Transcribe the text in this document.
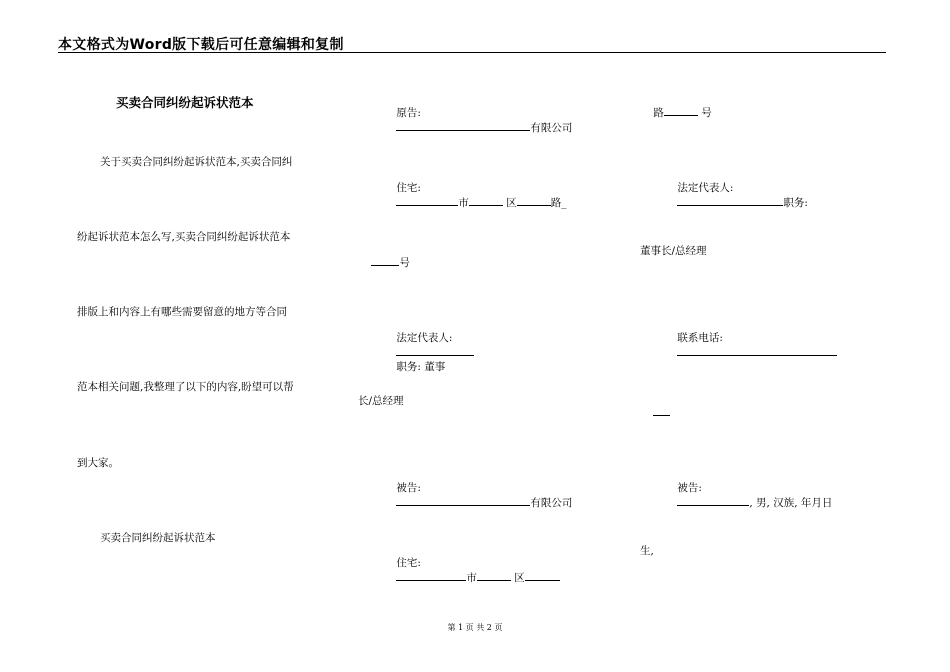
本文格式为Word版下载后可任意编辑和复制
买卖合同纠纷起诉状范本
关于买卖合同纠纷起诉状范本,买卖合同纠
纷起诉状范本怎么写,买卖合同纠纷起诉状范本
排版上和内容上有哪些需要留意的地方等合同
范本相关问题,我整理了以下的内容,盼望可以帮
到大家。
买卖合同纠纷起诉状范本

原告:
有限公司

住宅:
市	区	路_

号

法定代表人:

职务: 董事

长/总经理

被告:
有限公司

住宅:
市	区

路	号

法定代表人:
职务:

董事长/总经理

联系电话:

被告:
, 男, 汉族, 年月日

生,
第 1 页 共 2 页
